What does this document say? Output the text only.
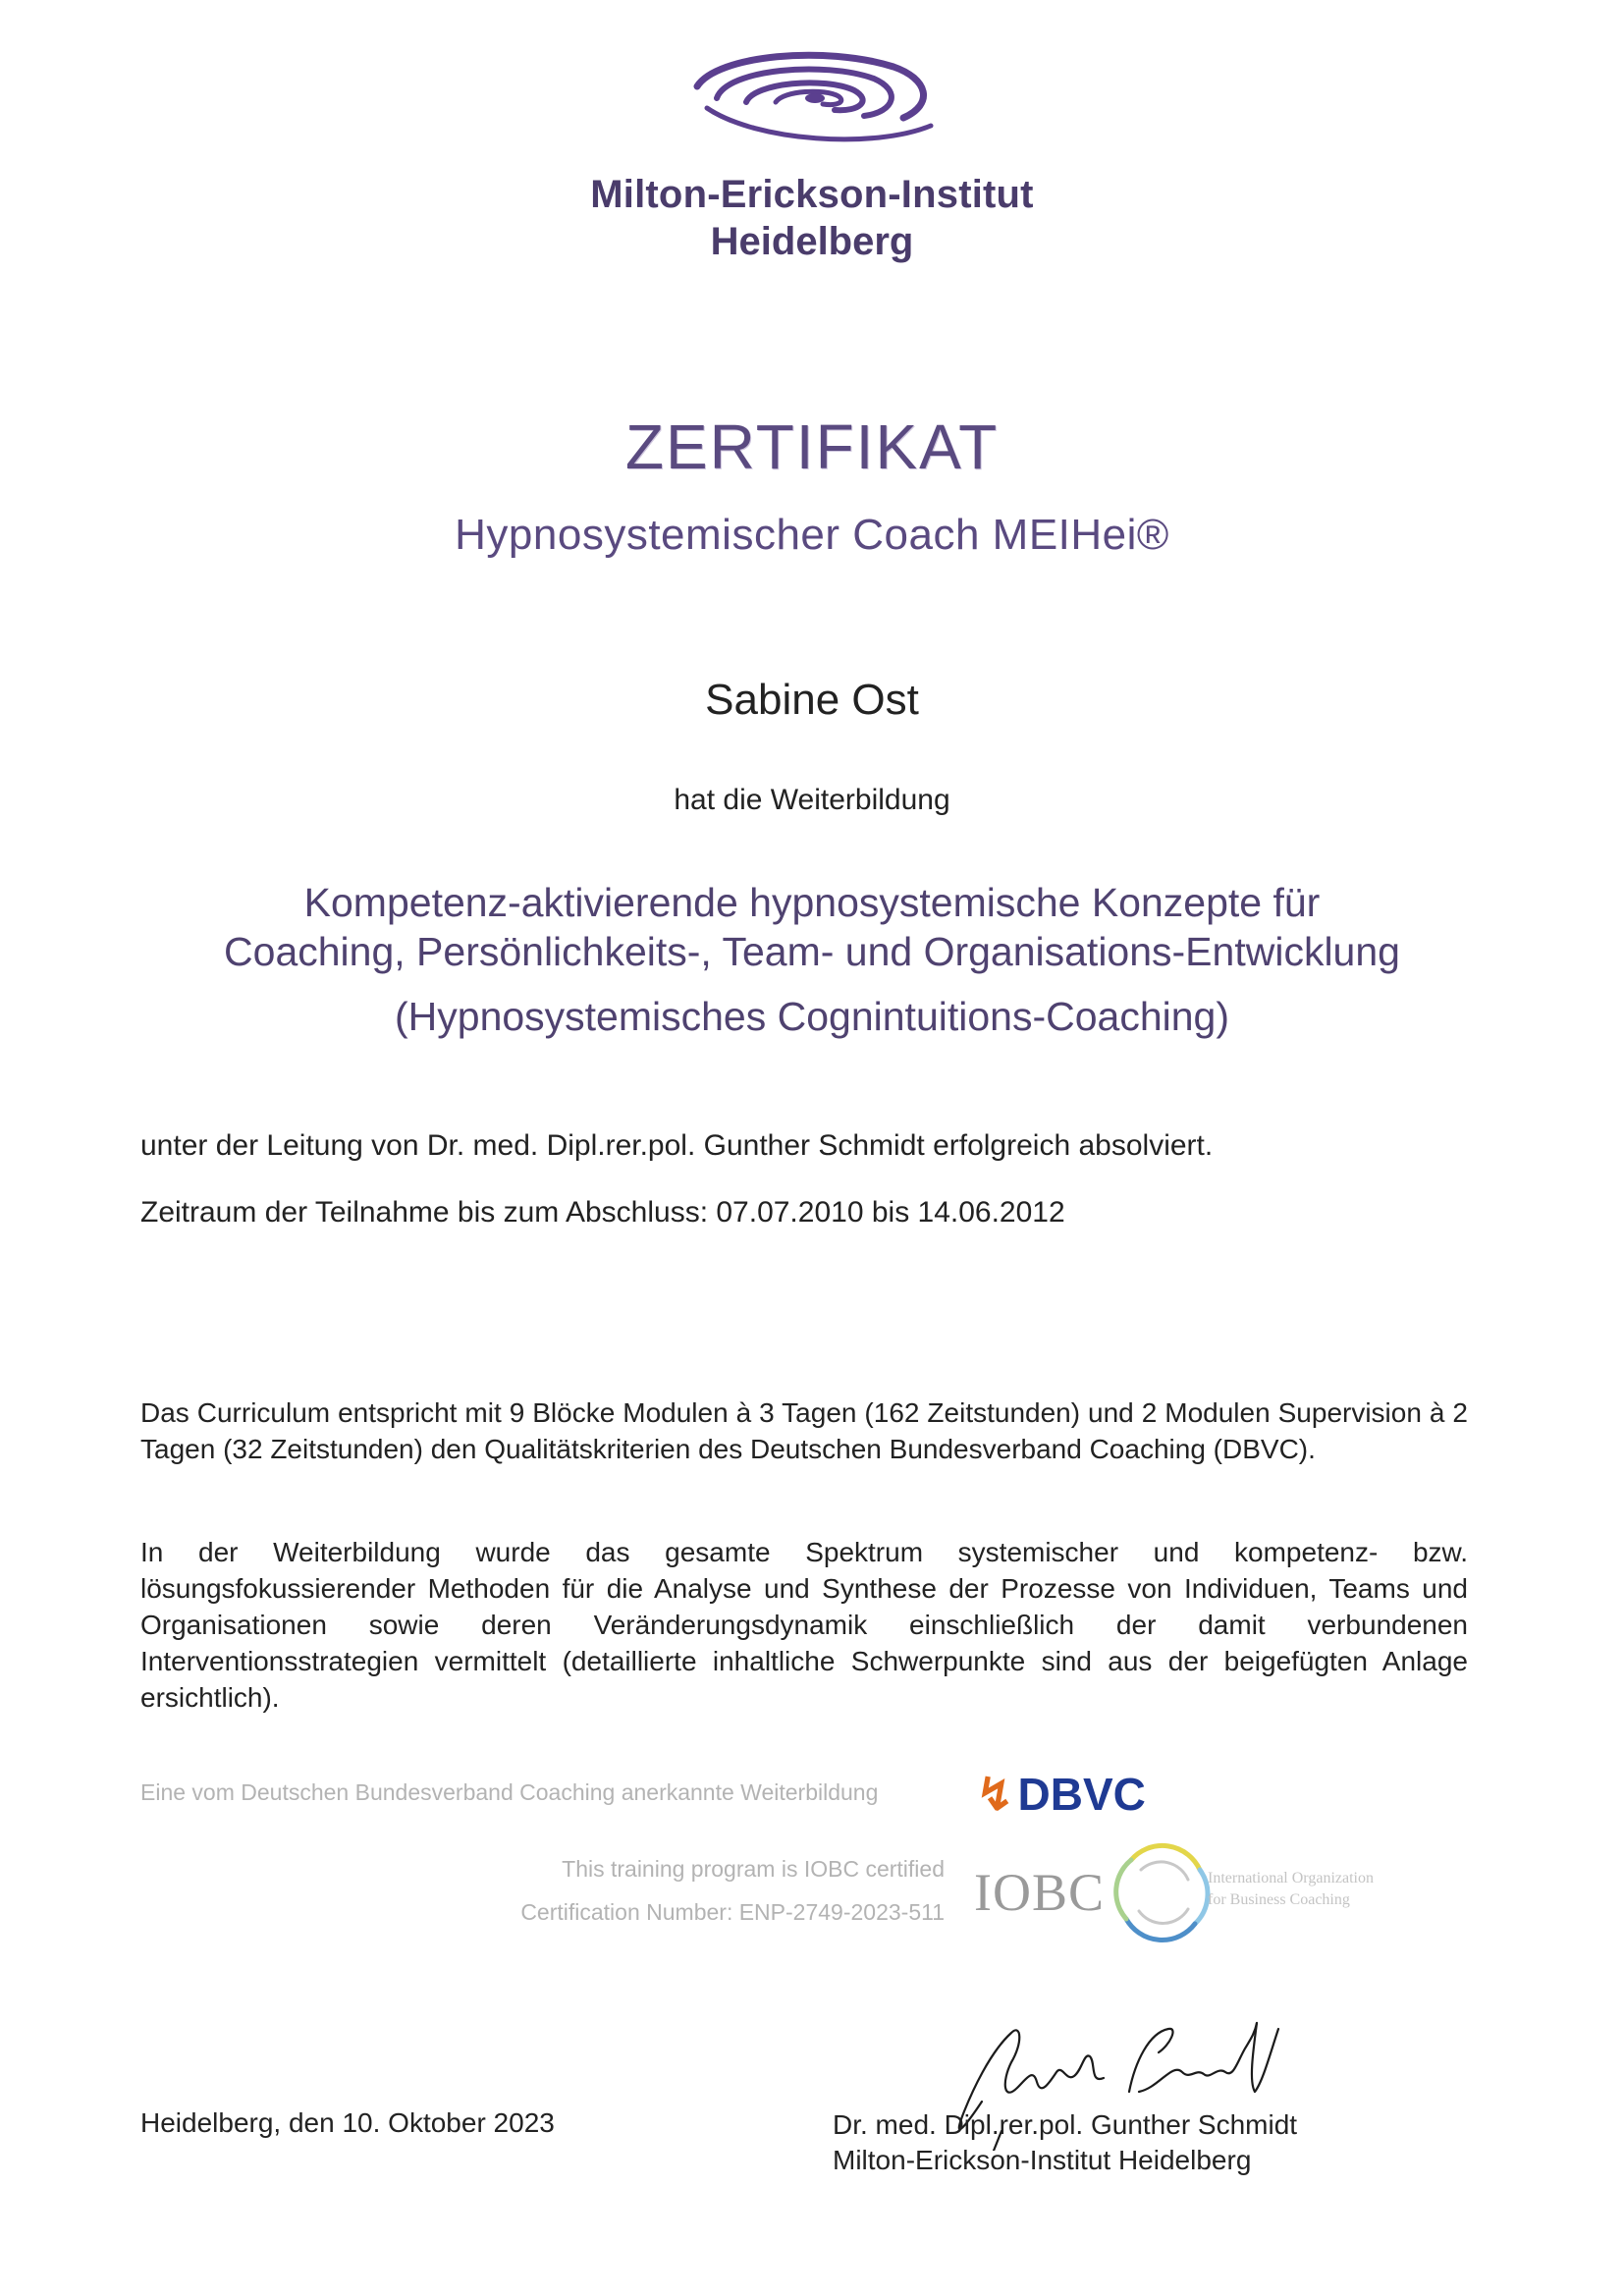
Milton-Erickson-Institut
Heidelberg
ZERTIFIKAT
Hypnosystemischer Coach MEIHei®
Sabine Ost
hat die Weiterbildung
Kompetenz-aktivierende hypnosystemische Konzepte für
Coaching, Persönlichkeits-, Team- und Organisations-Entwicklung
(Hypnosystemisches Cognintuitions-Coaching)
unter der Leitung von Dr. med. Dipl.rer.pol. Gunther Schmidt erfolgreich absolviert.
Zeitraum der Teilnahme bis zum Abschluss: 07.07.2010 bis 14.06.2012
Das Curriculum entspricht mit 9 Blöcke Modulen à 3 Tagen (162 Zeitstunden) und 2 Modulen Supervision à 2 Tagen (32 Zeitstunden) den Qualitätskriterien des Deutschen Bundesverband Coaching (DBVC).
In der Weiterbildung wurde das gesamte Spektrum systemischer und kompetenz- bzw. lösungsfokussierender Methoden für die Analyse und Synthese der Prozesse von Individuen, Teams und Organisationen sowie deren Veränderungsdynamik einschließlich der damit verbundenen Interventionsstrategien vermittelt (detaillierte inhaltliche Schwerpunkte sind aus der beigefügten Anlage ersichtlich).
Eine vom Deutschen Bundesverband Coaching anerkannte Weiterbildung	↯DBVC
This training program is IOBC certified
Certification Number: ENP-2749-2023-511 IOBC	International Organization
for Business Coaching
Heidelberg, den 10. Oktober 2023	Dr. med. Dipl.rer.pol. Gunther Schmidt
Milton-Erickson-Institut Heidelberg
